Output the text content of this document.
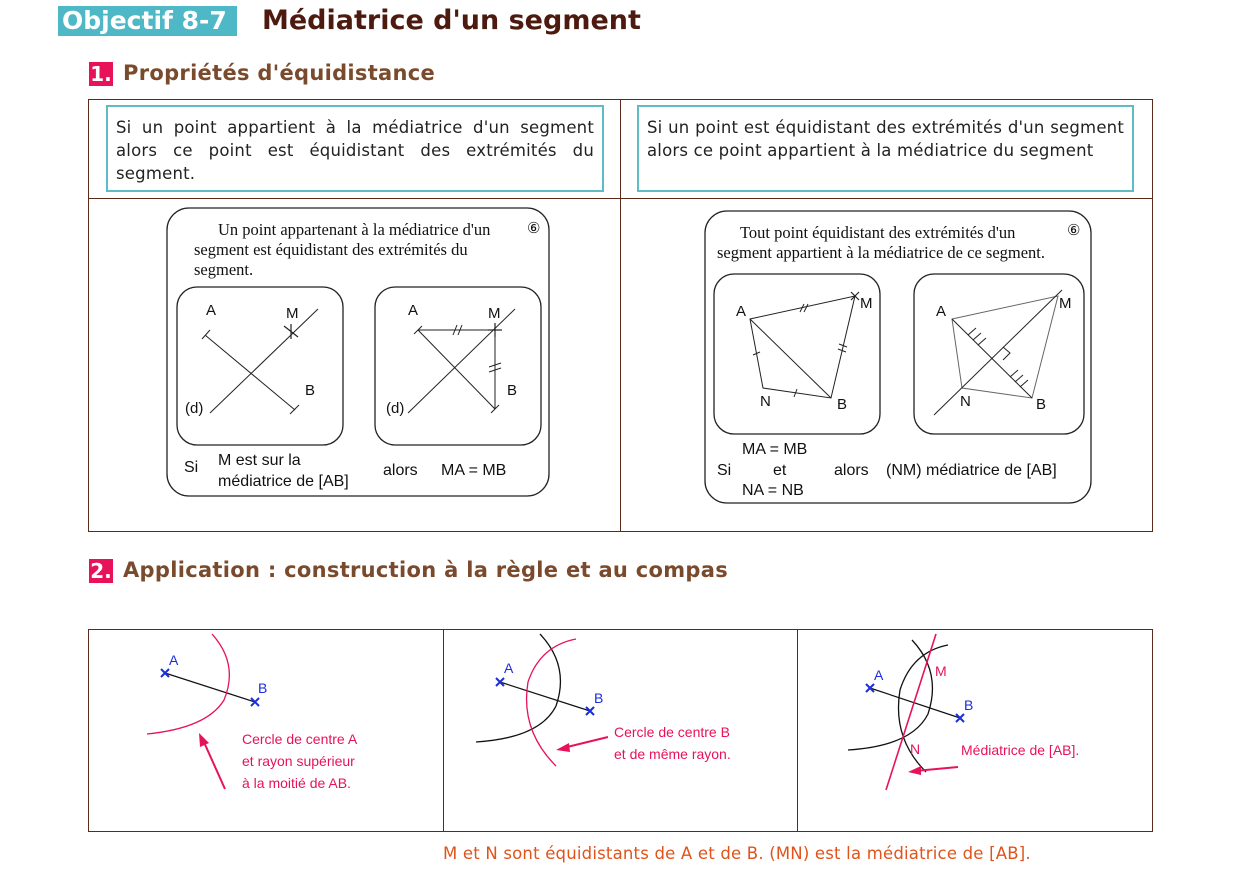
Objectif 8-7	Médiatrice d'un segment
1. Propriétés d'équidistance
Si un point appartient à la médiatrice d'un segment alors ce point est équidistant des extrémités du segment.
Si un point est équidistant des extrémités d'un segment alors ce point appartient à la médiatrice du segment
Un point appartenant à la médiatrice d'un
segment est équidistant des extrémités du
segment.
⑥
A	M
B
(d)
A	M
B
(d)
Si M est sur la
médiatrice de [AB]
alors MA = MB
Tout point équidistant des extrémités d'un
segment appartient à la médiatrice de ce segment.
⑥
A	M
N	B
A	M
N	B
MA = MB
Si	et
NA = NB
alors (NM) médiatrice de [AB]
2. Application : construction à la règle et au compas
A
B
Cercle de centre A
et rayon supérieur
à la moitié de AB.
A
B
Cercle de centre B
et de même rayon.
A
B
M
N	Médiatrice de [AB].
M et N sont équidistants de A et de B. (MN) est la médiatrice de [AB].
